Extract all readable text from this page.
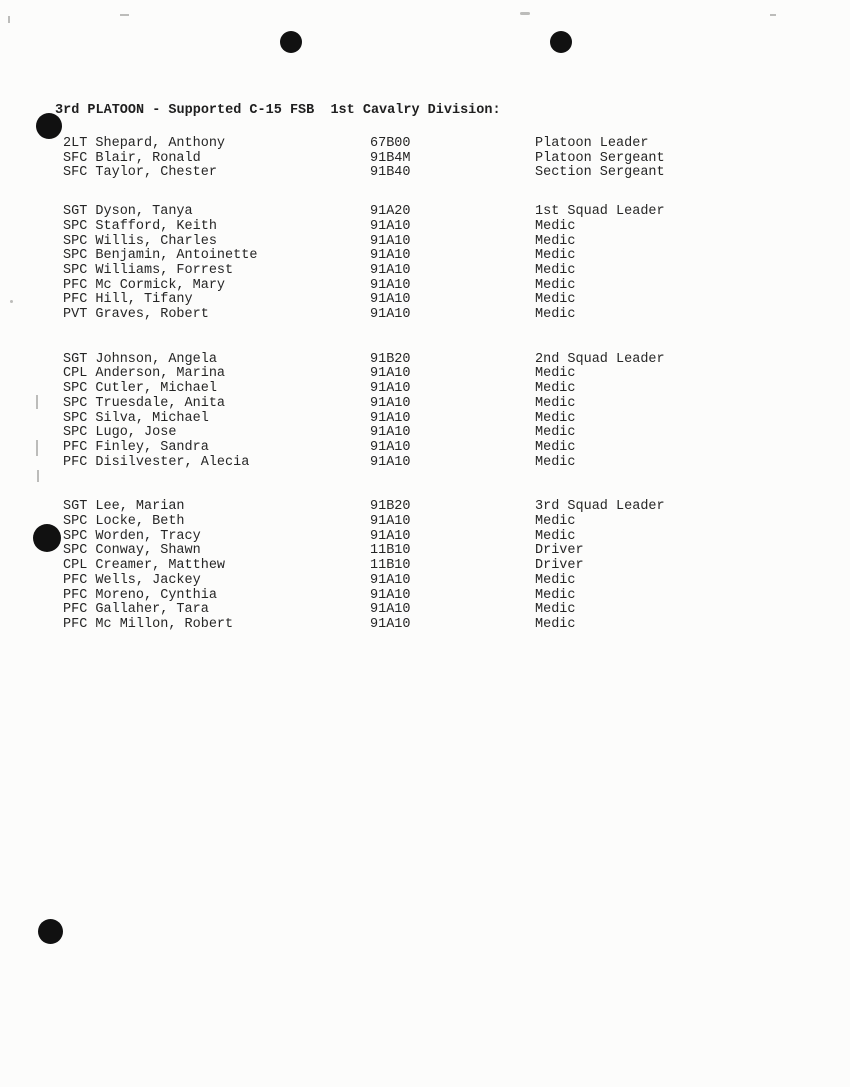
3rd PLATOON - Supported C-15 FSB  1st Cavalry Division:
2LT Shepard, Anthony	67B00	Platoon Leader
SFC Blair, Ronald	91B4M	Platoon Sergeant
SFC Taylor, Chester	91B40	Section Sergeant
SGT Dyson, Tanya	91A20	1st Squad Leader
SPC Stafford, Keith	91A10	Medic
SPC Willis, Charles	91A10	Medic
SPC Benjamin, Antoinette	91A10	Medic
SPC Williams, Forrest	91A10	Medic
PFC Mc Cormick, Mary	91A10	Medic
PFC Hill, Tifany	91A10	Medic
PVT Graves, Robert	91A10	Medic
SGT Johnson, Angela	91B20	2nd Squad Leader
CPL Anderson, Marina	91A10	Medic
SPC Cutler, Michael	91A10	Medic
SPC Truesdale, Anita	91A10	Medic
SPC Silva, Michael	91A10	Medic
SPC Lugo, Jose	91A10	Medic
PFC Finley, Sandra	91A10	Medic
PFC Disilvester, Alecia	91A10	Medic
SGT Lee, Marian	91B20	3rd Squad Leader
SPC Locke, Beth	91A10	Medic
SPC Worden, Tracy	91A10	Medic
SPC Conway, Shawn	11B10	Driver
CPL Creamer, Matthew	11B10	Driver
PFC Wells, Jackey	91A10	Medic
PFC Moreno, Cynthia	91A10	Medic
PFC Gallaher, Tara	91A10	Medic
PFC Mc Millon, Robert	91A10	Medic
